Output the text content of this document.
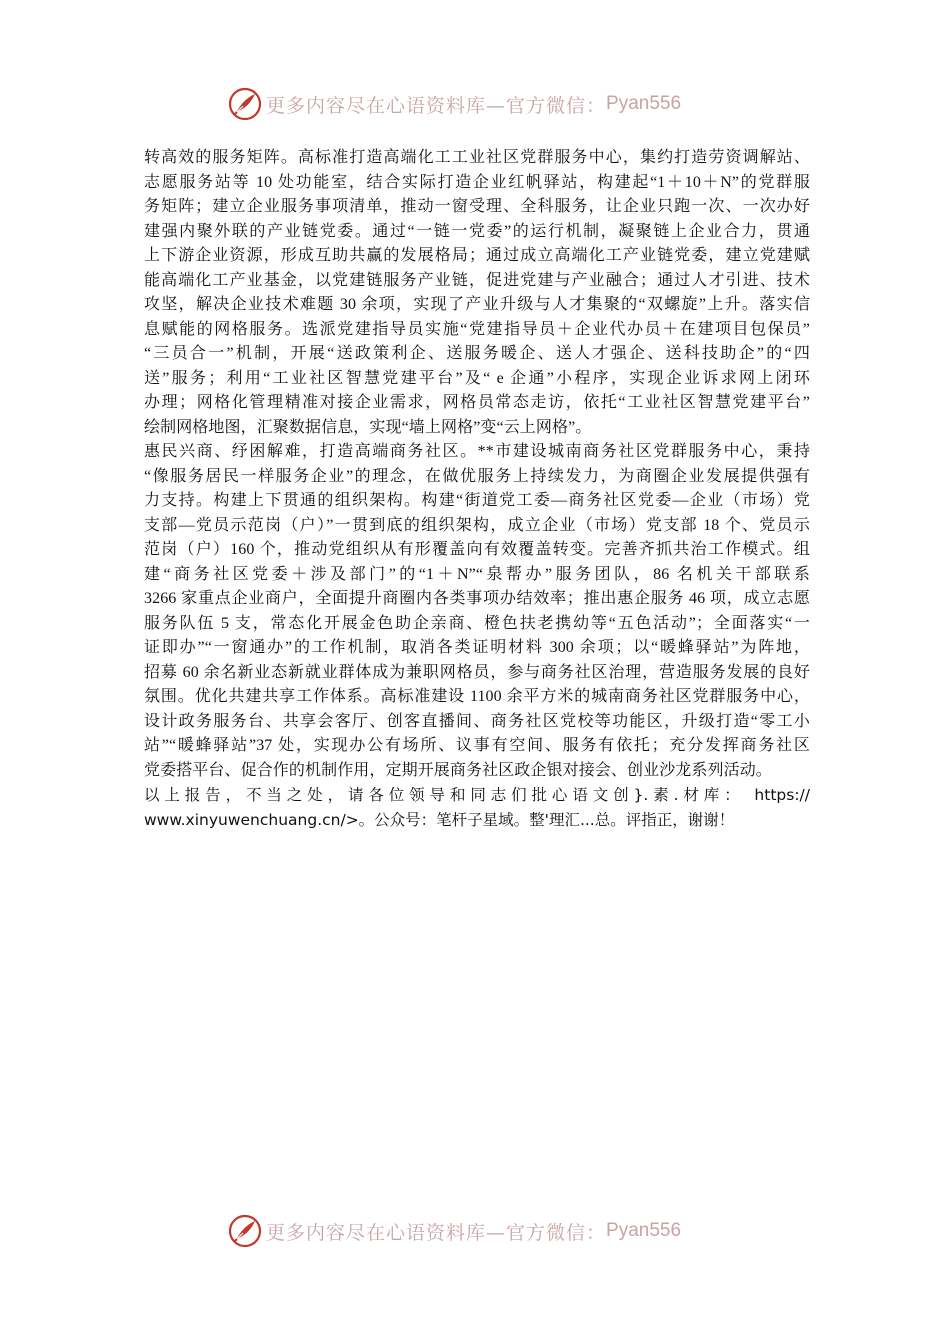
更多内容尽在心语资料库—官方微信： Pyan556
转高效的服务矩阵。高标准打造高端化工工业社区党群服务中心，集约打造劳资调解站、
志愿服务站等 10 处功能室，结合实际打造企业红帆驿站，构建起“1＋10＋N”的党群服
务矩阵；建立企业服务事项清单，推动一窗受理、全科服务，让企业只跑一次、一次办好
建强内聚外联的产业链党委。通过“一链一党委”的运行机制，凝聚链上企业合力，贯通
上下游企业资源，形成互助共赢的发展格局；通过成立高端化工产业链党委，建立党建赋
能高端化工产业基金，以党建链服务产业链，促进党建与产业融合；通过人才引进、技术
攻坚，解决企业技术难题 30 余项，实现了产业升级与人才集聚的“双螺旋”上升。落实信
息赋能的网格服务。选派党建指导员实施“党建指导员＋企业代办员＋在建项目包保员”
“三员合一”机制，开展“送政策利企、送服务暖企、送人才强企、送科技助企”的“四
送”服务；利用“工业社区智慧党建平台”及“ e 企通”小程序，实现企业诉求网上闭环
办理；网格化管理精准对接企业需求，网格员常态走访，依托“工业社区智慧党建平台”
绘制网格地图，汇聚数据信息，实现“墙上网格”变“云上网格”。
惠民兴商、纾困解难，打造高端商务社区。**市建设城南商务社区党群服务中心，秉持
“像服务居民一样服务企业”的理念，在做优服务上持续发力，为商圈企业发展提供强有
力支持。构建上下贯通的组织架构。构建“街道党工委—商务社区党委—企业（市场）党
支部—党员示范岗（户）”一贯到底的组织架构，成立企业（市场）党支部 18 个、党员示
范岗（户）160 个，推动党组织从有形覆盖向有效覆盖转变。完善齐抓共治工作模式。组
建“商务社区党委＋涉及部门”的“1＋N”“泉帮办”服务团队，86 名机关干部联系
3266 家重点企业商户，全面提升商圈内各类事项办结效率；推出惠企服务 46 项，成立志愿
服务队伍 5 支，常态化开展金色助企亲商、橙色扶老携幼等“五色活动”；全面落实“一
证即办”“一窗通办”的工作机制，取消各类证明材料 300 余项；以“暖蜂驿站”为阵地，
招募 60 余名新业态新就业群体成为兼职网格员，参与商务社区治理，营造服务发展的良好
氛围。优化共建共享工作体系。高标准建设 1100 余平方米的城南商务社区党群服务中心，
设计政务服务台、共享会客厅、创客直播间、商务社区党校等功能区，升级打造“零工小
站”“暖蜂驿站”37 处，实现办公有场所、议事有空间、服务有依托；充分发挥商务社区
党委搭平台、促合作的机制作用，定期开展商务社区政企银对接会、创业沙龙系列活动。
以上报告，不当之处，请各位领导和同志们批心语文创}.素.材库： https://
www.xinyuwenchuang.cn/>。公众号：笔杆子星域。整'理汇...总。评指正，谢谢！
更多内容尽在心语资料库—官方微信： Pyan556
